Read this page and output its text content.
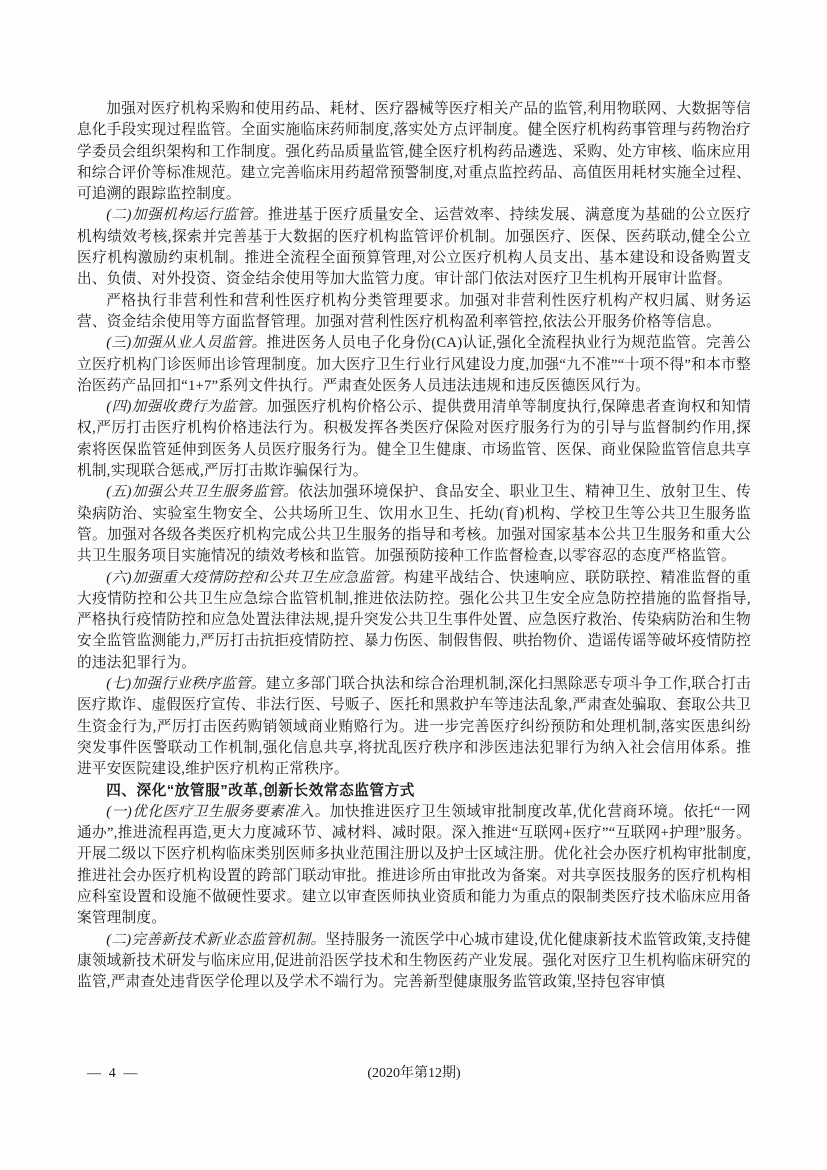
加强对医疗机构采购和使用药品、耗材、医疗器械等医疗相关产品的监管,利用物联网、大数据等信息化手段实现过程监管。全面实施临床药师制度,落实处方点评制度。健全医疗机构药事管理与药物治疗学委员会组织架构和工作制度。强化药品质量监管,健全医疗机构药品遴选、采购、处方审核、临床应用和综合评价等标准规范。建立完善临床用药超常预警制度,对重点监控药品、高值医用耗材实施全过程、可追溯的跟踪监控制度。

(二)加强机构运行监管。推进基于医疗质量安全、运营效率、持续发展、满意度为基础的公立医疗机构绩效考核,探索并完善基于大数据的医疗机构监管评价机制。加强医疗、医保、医药联动,健全公立医疗机构激励约束机制。推进全流程全面预算管理,对公立医疗机构人员支出、基本建设和设备购置支出、负债、对外投资、资金结余使用等加大监管力度。审计部门依法对医疗卫生机构开展审计监督。

严格执行非营利性和营利性医疗机构分类管理要求。加强对非营利性医疗机构产权归属、财务运营、资金结余使用等方面监督管理。加强对营利性医疗机构盈利率管控,依法公开服务价格等信息。

(三)加强从业人员监管。推进医务人员电子化身份(CA)认证,强化全流程执业行为规范监管。完善公立医疗机构门诊医师出诊管理制度。加大医疗卫生行业行风建设力度,加强“九不准”“十项不得”和本市整治医药产品回扣“1+7”系列文件执行。严肃查处医务人员违法违规和违反医德医风行为。

(四)加强收费行为监管。加强医疗机构价格公示、提供费用清单等制度执行,保障患者查询权和知情权,严厉打击医疗机构价格违法行为。积极发挥各类医疗保险对医疗服务行为的引导与监督制约作用,探索将医保监管延伸到医务人员医疗服务行为。健全卫生健康、市场监管、医保、商业保险监管信息共享机制,实现联合惩戒,严厉打击欺诈骗保行为。

(五)加强公共卫生服务监管。依法加强环境保护、食品安全、职业卫生、精神卫生、放射卫生、传染病防治、实验室生物安全、公共场所卫生、饮用水卫生、托幼(育)机构、学校卫生等公共卫生服务监管。加强对各级各类医疗机构完成公共卫生服务的指导和考核。加强对国家基本公共卫生服务和重大公共卫生服务项目实施情况的绩效考核和监管。加强预防接种工作监督检查,以零容忍的态度严格监管。

(六)加强重大疫情防控和公共卫生应急监管。构建平战结合、快速响应、联防联控、精准监督的重大疫情防控和公共卫生应急综合监管机制,推进依法防控。强化公共卫生安全应急防控措施的监督指导,严格执行疫情防控和应急处置法律法规,提升突发公共卫生事件处置、应急医疗救治、传染病防治和生物安全监管监测能力,严厉打击抗拒疫情防控、暴力伤医、制假售假、哄抬物价、造谣传谣等破坏疫情防控的违法犯罪行为。

(七)加强行业秩序监管。建立多部门联合执法和综合治理机制,深化扫黑除恶专项斗争工作,联合打击医疗欺诈、虚假医疗宣传、非法行医、号贩子、医托和黑救护车等违法乱象,严肃查处骗取、套取公共卫生资金行为,严厉打击医药购销领域商业贿赂行为。进一步完善医疗纠纷预防和处理机制,落实医患纠纷突发事件医警联动工作机制,强化信息共享,将扰乱医疗秩序和涉医违法犯罪行为纳入社会信用体系。推进平安医院建设,维护医疗机构正常秩序。

四、深化“放管服”改革,创新长效常态监管方式

(一)优化医疗卫生服务要素准入。加快推进医疗卫生领域审批制度改革,优化营商环境。依托“一网通办”,推进流程再造,更大力度减环节、减材料、减时限。深入推进“互联网+医疗”“互联网+护理”服务。开展二级以下医疗机构临床类别医师多执业范围注册以及护士区域注册。优化社会办医疗机构审批制度,推进社会办医疗机构设置的跨部门联动审批。推进诊所由审批改为备案。对共享医技服务的医疗机构相应科室设置和设施不做硬性要求。建立以审查医师执业资质和能力为重点的限制类医疗技术临床应用备案管理制度。

(二)完善新技术新业态监管机制。坚持服务一流医学中心城市建设,优化健康新技术监管政策,支持健康领域新技术研发与临床应用,促进前沿医学技术和生物医药产业发展。强化对医疗卫生机构临床研究的监管,严肃查处违背医学伦理以及学术不端行为。完善新型健康服务监管政策,坚持包容审慎

— 4 —	(2020年第12期)
